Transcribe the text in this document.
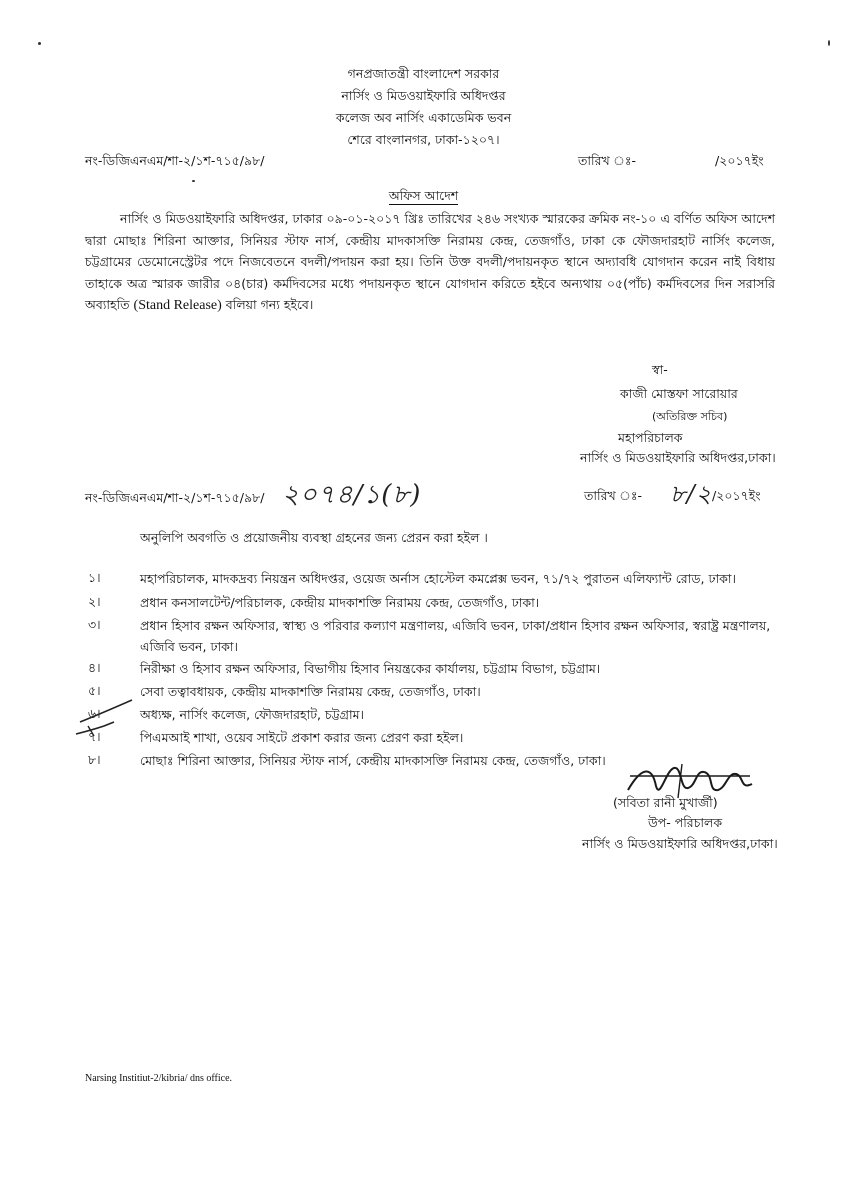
গনপ্রজাতন্ত্রী বাংলাদেশ সরকার
নার্সিং ও মিডওয়াইফারি অধিদপ্তর
কলেজ অব নার্সিং একাডেমিক ভবন
শেরে বাংলানগর, ঢাকা-১২০৭।
নং-ডিজিএনএম/শা-২/১শ-৭১৫/৯৮/	তারিখ ঃ-	/২০১৭ইং
অফিস আদেশ
নার্সিং ও মিডওয়াইফারি অধিদপ্তর, ঢাকার ০৯-০১-২০১৭ খ্রিঃ তারিখের ২৪৬ সংখ্যক স্মারকের ক্রমিক নং-১০ এ বর্ণিত অফিস আদেশ দ্বারা মোছাঃ শিরিনা আক্তার, সিনিয়র স্টাফ নার্স, কেন্দ্রীয় মাদকাসক্তি নিরাময় কেন্দ্র, তেজগাঁও, ঢাকা কে ফৌজদারহাট নার্সিং কলেজ, চট্টগ্রামের ডেমোনেস্ট্রেটর পদে নিজবেতনে বদলী/পদায়ন করা হয়। তিনি উক্ত বদলী/পদায়নকৃত স্থানে অদ্যাবধি যোগদান করেন নাই বিধায় তাহাকে অত্র স্মারক জারীর ০৪(চার) কর্মদিবসের মধ্যে পদায়নকৃত স্থানে যোগদান করিতে হইবে অন্যথায় ০৫(পাঁচ) কর্মদিবসের দিন সরাসরি অব্যাহতি (Stand Release) বলিয়া গন্য হইবে।
স্বা-
কাজী মোস্তফা সারোয়ার
(অতিরিক্ত সচিব)
মহাপরিচালক
নার্সিং ও মিডওয়াইফারি অধিদপ্তর,ঢাকা।
নং-ডিজিএনএম/শা-২/১শ-৭১৫/৯৮/ ২০৭৪/১(৮)	তারিখ ঃ- ৮/২ /২০১৭ইং
অনুলিপি অবগতি ও প্রয়োজনীয় ব্যবস্থা গ্রহনের জন্য প্রেরন করা হইল ।
১।	মহাপরিচালক, মাদকদ্রব্য নিয়ন্ত্রন অধিদপ্তর, ওয়েজ অর্নাস হোস্টেল কমপ্লেক্স ভবন, ৭১/৭২ পুরাতন এলিফ্যান্ট রোড, ঢাকা।
২।	প্রধান কনসালটেন্ট/পরিচালক, কেন্দ্রীয় মাদকাশক্তি নিরাময় কেন্দ্র, তেজগাঁও, ঢাকা।
৩।	প্রধান হিসাব রক্ষন অফিসার, স্বাস্থ্য ও পরিবার কল্যাণ মন্ত্রণালয়, এজিবি ভবন, ঢাকা/প্রধান হিসাব রক্ষন অফিসার, স্বরাষ্ট্র মন্ত্রণালয়, এজিবি ভবন, ঢাকা।
৪।	নিরীক্ষা ও হিসাব রক্ষন অফিসার, বিভাগীয় হিসাব নিয়ন্ত্রকের কার্যালয়, চট্টগ্রাম বিভাগ, চট্টগ্রাম।
৫।	সেবা তত্বাবধায়ক, কেন্দ্রীয় মাদকাশক্তি নিরাময় কেন্দ্র, তেজগাঁও, ঢাকা।
৬।	অধ্যক্ষ, নার্সিং কলেজ, ফৌজদারহাট, চট্টগ্রাম।
৭।	পিএমআই শাখা, ওয়েব সাইটে প্রকাশ করার জন্য প্রেরণ করা হইল।
৮।	মোছাঃ শিরিনা আক্তার, সিনিয়র স্টাফ নার্স, কেন্দ্রীয় মাদকাসক্তি নিরাময় কেন্দ্র, তেজগাঁও, ঢাকা।
(সবিতা রানী মুখার্জী)
উপ- পরিচালক
নার্সিং ও মিডওয়াইফারি অধিদপ্তর,ঢাকা।
Narsing Institiut-2/kibria/ dns office.
